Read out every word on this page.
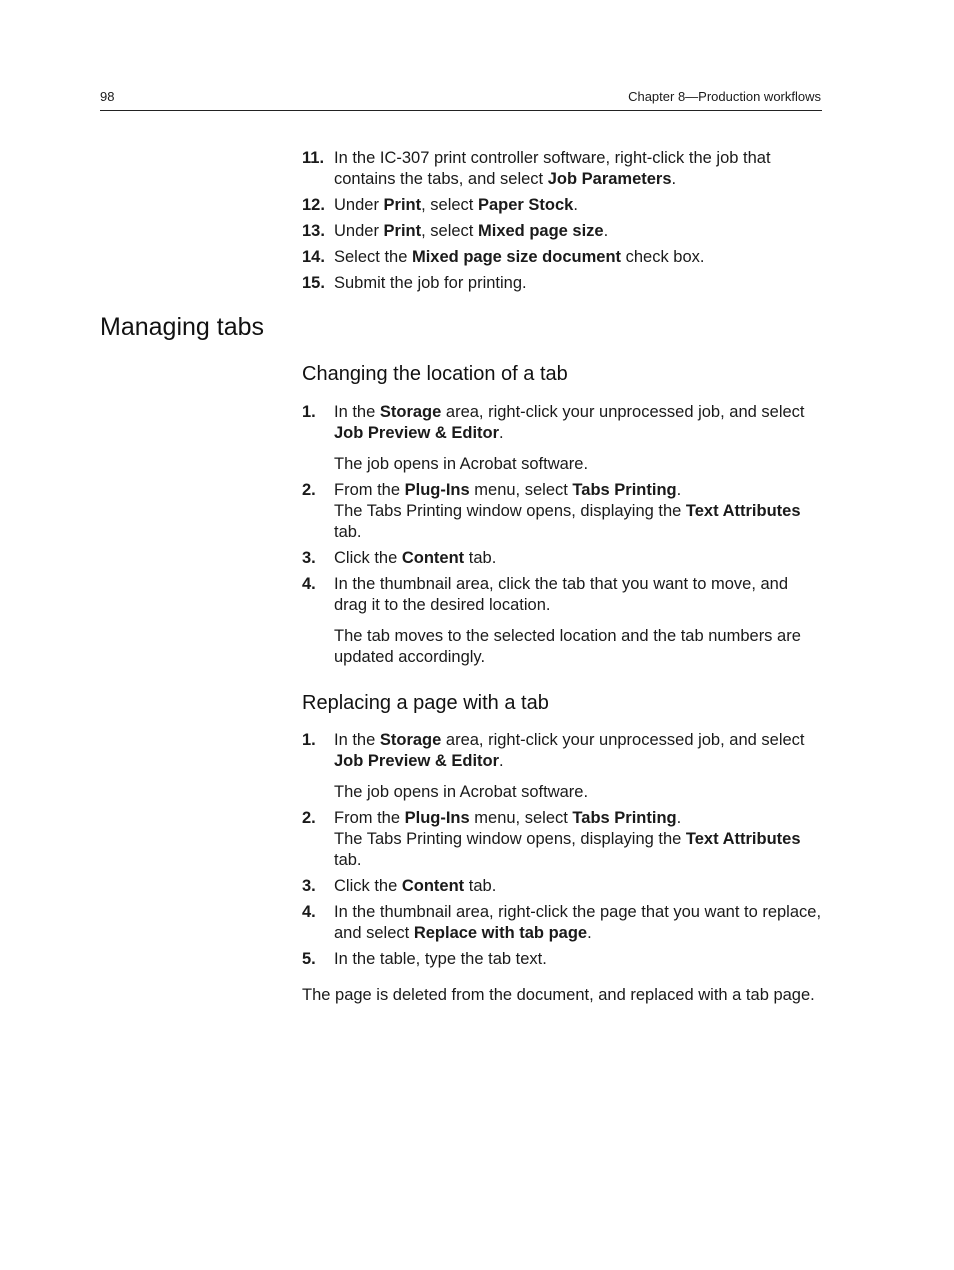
98	Chapter 8—Production workflows
11. In the IC-307 print controller software, right-click the job that contains the tabs, and select Job Parameters.

12. Under Print, select Paper Stock.

13. Under Print, select Mixed page size.

14. Select the Mixed page size document check box.

15. Submit the job for printing.

Managing tabs
Changing the location of a tab
1. In the Storage area, right-click your unprocessed job, and select Job Preview & Editor.

The job opens in Acrobat software.

2. From the Plug-Ins menu, select Tabs Printing.
The Tabs Printing window opens, displaying the Text Attributes tab.

3. Click the Content tab.

4. In the thumbnail area, click the tab that you want to move, and drag it to the desired location.

The tab moves to the selected location and the tab numbers are updated accordingly.

Replacing a page with a tab
1. In the Storage area, right-click your unprocessed job, and select Job Preview & Editor.

The job opens in Acrobat software.

2. From the Plug-Ins menu, select Tabs Printing.
The Tabs Printing window opens, displaying the Text Attributes tab.

3. Click the Content tab.

4. In the thumbnail area, right-click the page that you want to replace, and select Replace with tab page.

5. In the table, type the tab text.

The page is deleted from the document, and replaced with a tab page.
